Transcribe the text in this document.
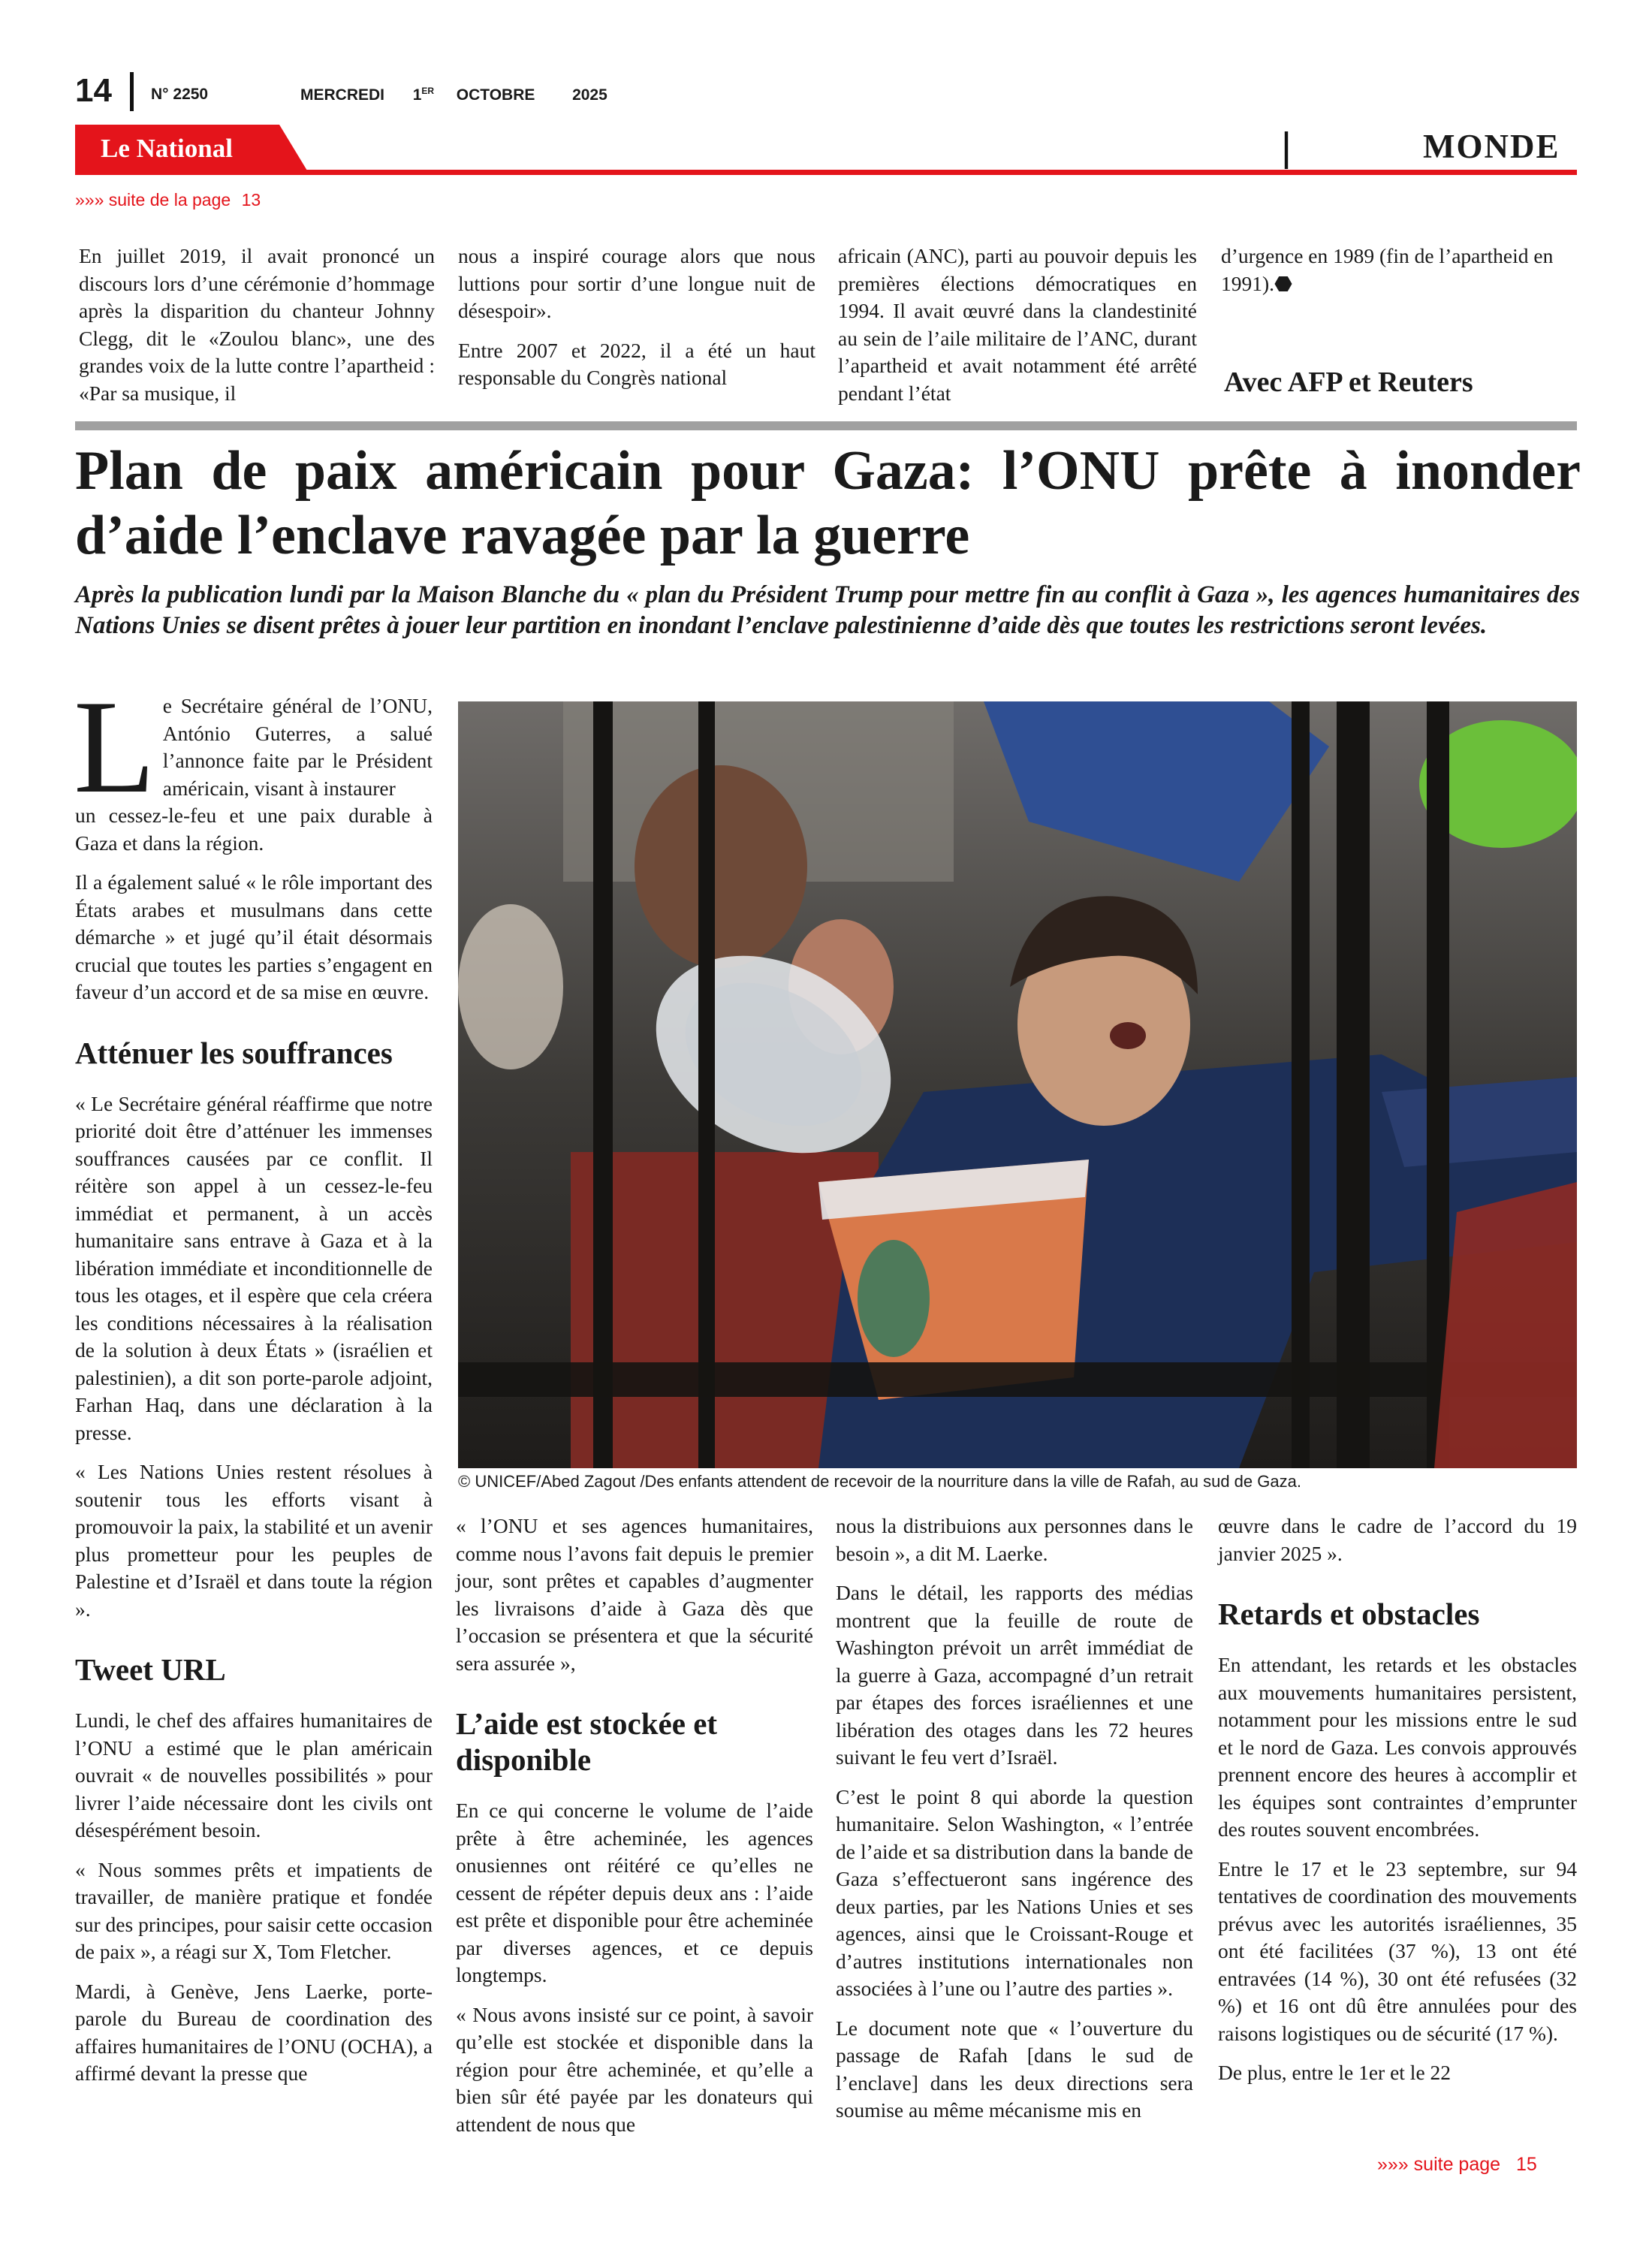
14 N° 2250	MERCREDI 1ER OCTOBRE 2025
Le National	|	MONDE
»»» suite de la page 13

En juillet 2019, il avait prononcé un discours lors d’une cérémonie d’hommage après la disparition du chanteur Johnny Clegg, dit le «Zoulou blanc», une des grandes voix de la lutte contre l’apartheid : «Par sa musique, il

nous a inspiré courage alors que nous luttions pour sortir d’une longue nuit de désespoir».

Entre 2007 et 2022, il a été un haut responsable du Congrès national

africain (ANC), parti au pouvoir depuis les premières élections démocratiques en 1994. Il avait œuvré dans la clandestinité au sein de l’aile militaire de l’ANC, durant l’apartheid et avait notamment été arrêté pendant l’état

d’urgence en 1989 (fin de l’apartheid en 1991).⬣

Avec AFP et Reuters
Plan de paix américain pour Gaza: l’ONU prête à inonder
d’aide l’enclave ravagée par la guerre
Après la publication lundi par la Maison Blanche du « plan du Président Trump pour mettre fin au conflit à Gaza », les agences humanitaires des Nations Unies se disent prêtes à jouer leur partition en inondant l’enclave palestinienne d’aide dès que toutes les restrictions seront levées.
L e Secrétaire général de l’ONU, António Guterres, a salué l’annonce faite par le Président américain, visant à instaurer

un cessez-le-feu et une paix durable à Gaza et dans la région.

Il a également salué « le rôle important des États arabes et musulmans dans cette démarche » et jugé qu’il était désormais crucial que toutes les parties s’engagent en faveur d’un accord et de sa mise en œuvre.

Atténuer les souffrances

« Le Secrétaire général réaffirme que notre priorité doit être d’atténuer les immenses souffrances causées par ce conflit. Il réitère son appel à un cessez-le-feu immédiat et permanent, à un accès humanitaire sans entrave à Gaza et à la libération immédiate et inconditionnelle de tous les otages, et il espère que cela créera les conditions nécessaires à la réalisation de la solution à deux États » (israélien et palestinien), a dit son porte-parole adjoint, Farhan Haq, dans une déclaration à la presse.

« Les Nations Unies restent résolues à soutenir tous les efforts visant à promouvoir la paix, la stabilité et un avenir plus prometteur pour les peuples de Palestine et d’Israël et dans toute la région ».

Tweet URL

Lundi, le chef des affaires humanitaires de l’ONU a estimé que le plan américain ouvrait « de nouvelles possibilités » pour livrer l’aide nécessaire dont les civils ont désespérément besoin.

« Nous sommes prêts et impatients de travailler, de manière pratique et fondée sur des principes, pour saisir cette occasion de paix », a réagi sur X, Tom Fletcher.

Mardi, à Genève, Jens Laerke, porte-parole du Bureau de coordination des affaires humanitaires de l’ONU (OCHA), a affirmé devant la presse que

© UNICEF/Abed Zagout /Des enfants attendent de recevoir de la nourriture dans la ville de Rafah, au sud de Gaza.

« l’ONU et ses agences humanitaires, comme nous l’avons fait depuis le premier jour, sont prêtes et capables d’augmenter les livraisons d’aide à Gaza dès que l’occasion se présentera et que la sécurité sera assurée »,

L’aide est stockée et disponible

En ce qui concerne le volume de l’aide prête à être acheminée, les agences onusiennes ont réitéré ce qu’elles ne cessent de répéter depuis deux ans : l’aide est prête et disponible pour être acheminée par diverses agences, et ce depuis longtemps.

« Nous avons insisté sur ce point, à savoir qu’elle est stockée et disponible dans la région pour être acheminée, et qu’elle a bien sûr été payée par les donateurs qui attendent de nous que

nous la distribuions aux personnes dans le besoin », a dit M. Laerke.

Dans le détail, les rapports des médias montrent que la feuille de route de Washington prévoit un arrêt immédiat de la guerre à Gaza, accompagné d’un retrait par étapes des forces israéliennes et une libération des otages dans les 72 heures suivant le feu vert d’Israël.

C’est le point 8 qui aborde la question humanitaire. Selon Washington, « l’entrée de l’aide et sa distribution dans la bande de Gaza s’effectueront sans ingérence des deux parties, par les Nations Unies et ses agences, ainsi que le Croissant-Rouge et d’autres institutions internationales non associées à l’une ou l’autre des parties ».

Le document note que « l’ouverture du passage de Rafah [dans le sud de l’enclave] dans les deux directions sera soumise au même mécanisme mis en

œuvre dans le cadre de l’accord du 19 janvier 2025 ».

Retards et obstacles

En attendant, les retards et les obstacles aux mouvements humanitaires persistent, notamment pour les missions entre le sud et le nord de Gaza. Les convois approuvés prennent encore des heures à accomplir et les équipes sont contraintes d’emprunter des routes souvent encombrées.

Entre le 17 et le 23 septembre, sur 94 tentatives de coordination des mouvements prévus avec les autorités israéliennes, 35 ont été facilitées (37 %), 13 ont été entravées (14 %), 30 ont été refusées (32 %) et 16 ont dû être annulées pour des raisons logistiques ou de sécurité (17 %).

De plus, entre le 1er et le 22

»»» suite page 15
